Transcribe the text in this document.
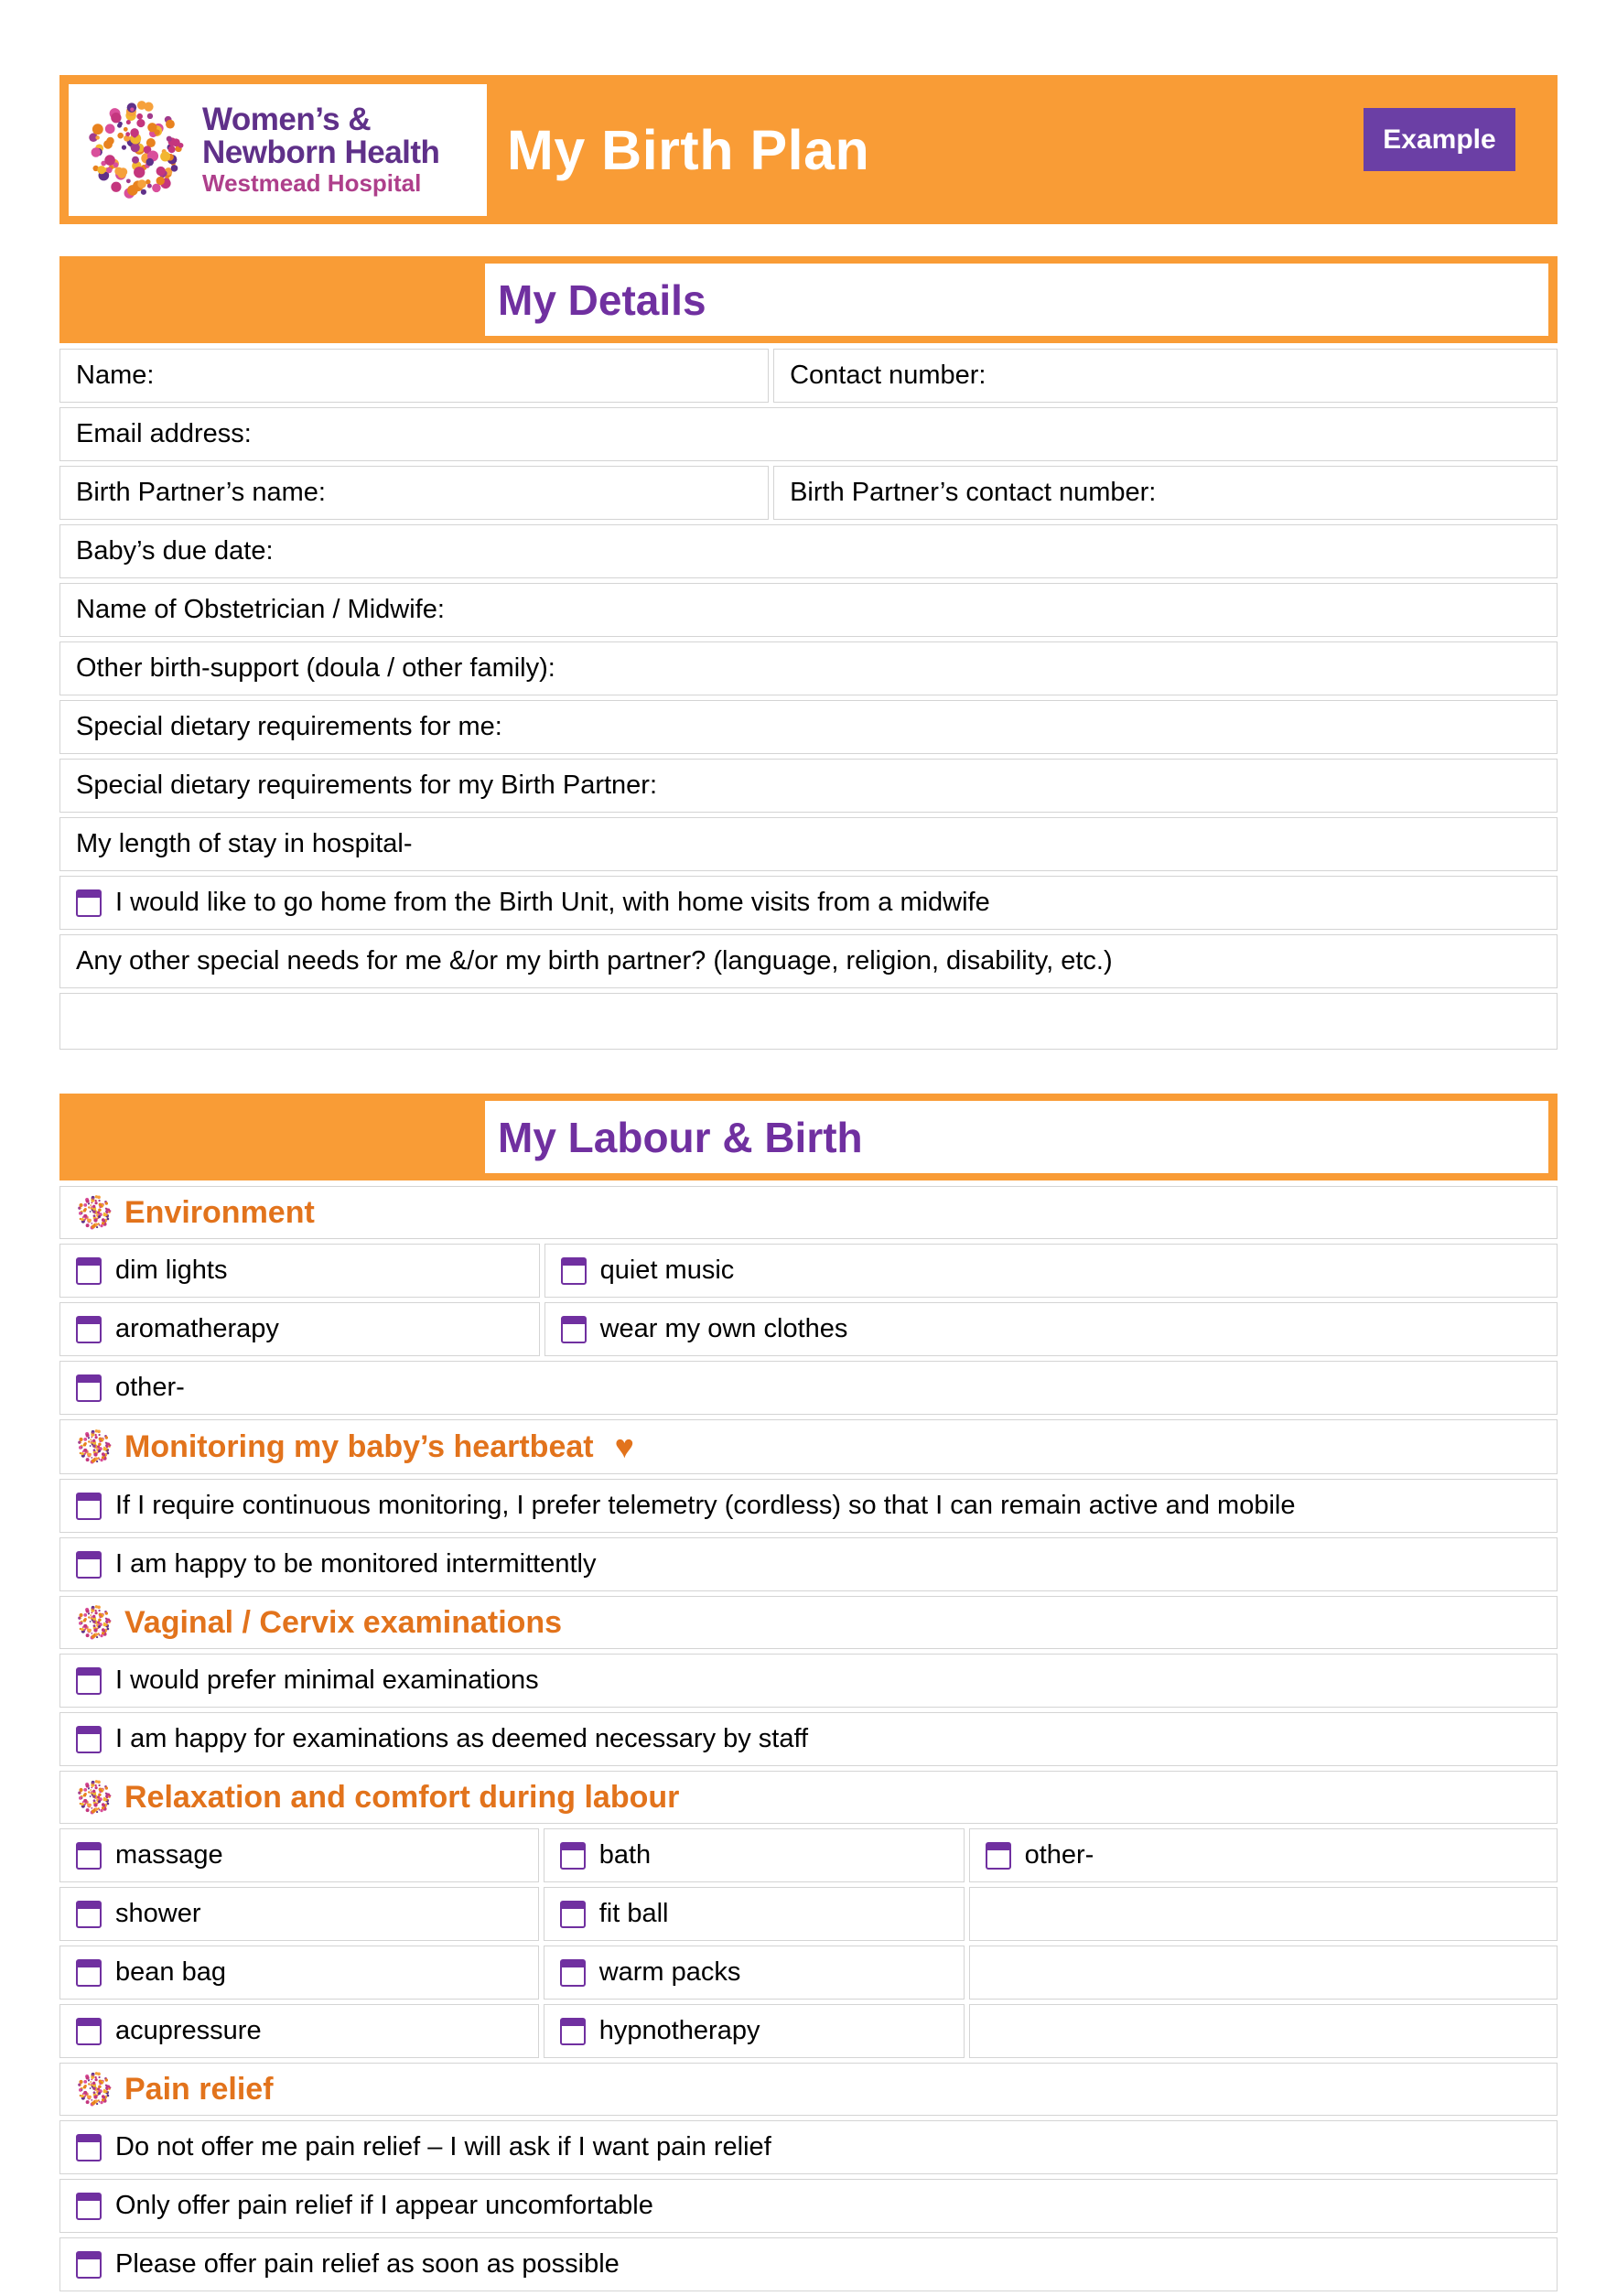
Women’s &
Newborn Health
Westmead Hospital
My Birth Plan	Example
My Details
Name:	Contact number:
Email address:
Birth Partner’s name:	Birth Partner’s contact number:
Baby’s due date:
Name of Obstetrician / Midwife:
Other birth-support (doula / other family):
Special dietary requirements for me:
Special dietary requirements for my Birth Partner:
My length of stay in hospital-
I would like to go home from the Birth Unit, with home visits from a midwife
Any other special needs for me &/or my birth partner? (language, religion, disability, etc.)
My Labour & Birth
Environment
dim lights	quiet music
aromatherapy	wear my own clothes
other-
Monitoring my baby’s heartbeat ♥
If I require continuous monitoring, I prefer telemetry (cordless) so that I can remain active and mobile
I am happy to be monitored intermittently
Vaginal / Cervix examinations
I would prefer minimal examinations
I am happy for examinations as deemed necessary by staff
Relaxation and comfort during labour
massage	bath	other-
shower	fit ball
bean bag	warm packs
acupressure	hypnotherapy
Pain relief
Do not offer me pain relief – I will ask if I want pain relief
Only offer pain relief if I appear uncomfortable
Please offer pain relief as soon as possible
